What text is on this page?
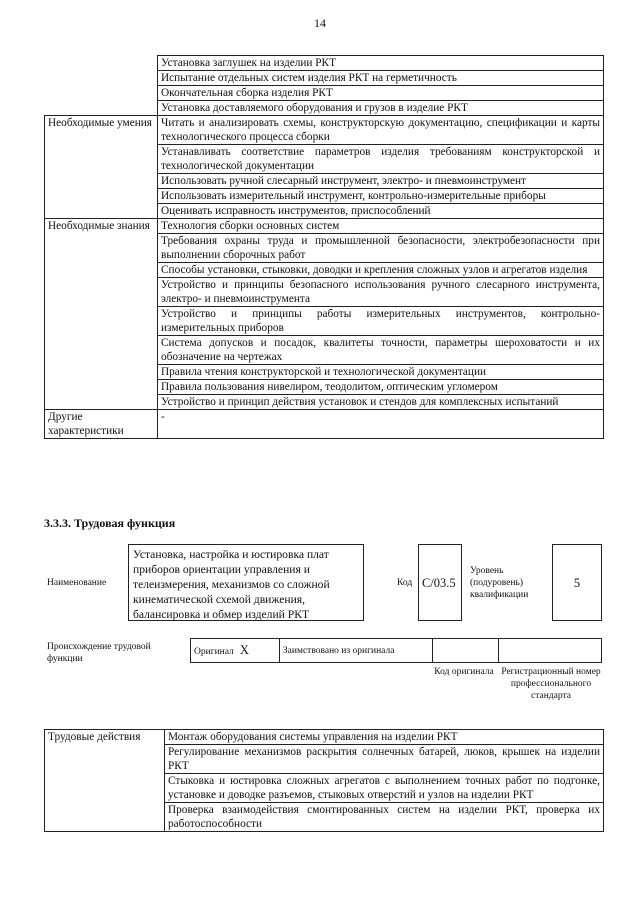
14
	Установка заглушек на изделии РКТ
	Испытание отдельных систем изделия РКТ на герметичность
	Окончательная сборка изделия РКТ
	Установка доставляемого оборудования и грузов в изделие РКТ
Необходимые умения	Читать и анализировать схемы, конструкторскую документацию, спецификации и карты технологического процесса сборки
	Устанавливать соответствие параметров изделия требованиям конструкторской и технологической документации
	Использовать ручной слесарный инструмент, электро- и пневмоинструмент
	Использовать измерительный инструмент, контрольно-измерительные приборы
	Оценивать исправность инструментов, приспособлений
Необходимые знания	Технология сборки основных систем
	Требования охраны труда и промышленной безопасности, электробезопасности при выполнении сборочных работ
	Способы установки, стыковки, доводки и крепления сложных узлов и агрегатов изделия
	Устройство и принципы безопасного использования ручного слесарного инструмента, электро- и пневмоинструмента
	Устройство и принципы работы измерительных инструментов, контрольно-измерительных приборов
	Система допусков и посадок, квалитеты точности, параметры шероховатости и их обозначение на чертежах
	Правила чтения конструкторской и технологической документации
	Правила пользования нивелиром, теодолитом, оптическим угломером
	Устройство и принцип действия установок и стендов для комплексных испытаний
Другие характеристики	-
3.3.3. Трудовая функция
Наименование
Установка, настройка и юстировка плат приборов ориентации управления и телеизмерения, механизмов со сложной кинематической схемой движения, балансировка и обмер изделий РКТ
Код C/03.5
Уровень (подуровень) квалификации
5
Происхождение трудовой функции
Оригинал X	Заимствовано из оригинала		
Код оригинала Регистрационный номер профессионального стандарта
Трудовые действия	Монтаж оборудования системы управления на изделии РКТ
Регулирование механизмов раскрытия солнечных батарей, люков, крышек на изделии РКТ
Стыковка и юстировка сложных агрегатов с выполнением точных работ по подгонке, установке и доводке разъемов, стыковых отверстий и узлов на изделии РКТ
Проверка взаимодействия смонтированных систем на изделии РКТ, проверка их работоспособности
